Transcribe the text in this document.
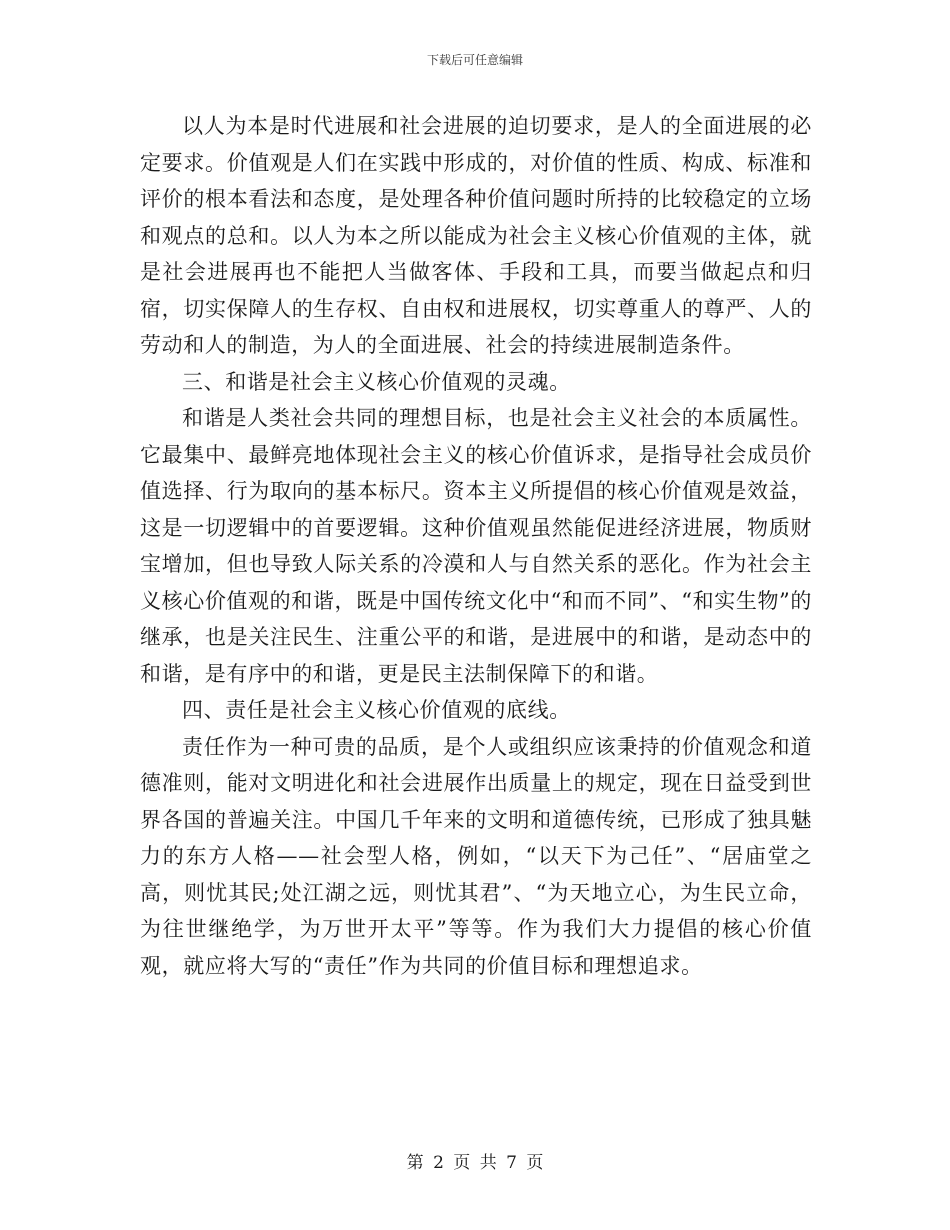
下载后可任意编辑

以人为本是时代进展和社会进展的迫切要求，是人的全面进展的必定要求。价值观是人们在实践中形成的，对价值的性质、构成、标准和评价的根本看法和态度，是处理各种价值问题时所持的比较稳定的立场和观点的总和。以人为本之所以能成为社会主义核心价值观的主体，就是社会进展再也不能把人当做客体、手段和工具，而要当做起点和归宿，切实保障人的生存权、自由权和进展权，切实尊重人的尊严、人的劳动和人的制造，为人的全面进展、社会的持续进展制造条件。

三、和谐是社会主义核心价值观的灵魂。

和谐是人类社会共同的理想目标，也是社会主义社会的本质属性。它最集中、最鲜亮地体现社会主义的核心价值诉求，是指导社会成员价值选择、行为取向的基本标尺。资本主义所提倡的核心价值观是效益，这是一切逻辑中的首要逻辑。这种价值观虽然能促进经济进展，物质财宝增加，但也导致人际关系的冷漠和人与自然关系的恶化。作为社会主义核心价值观的和谐，既是中国传统文化中“和而不同”、“和实生物”的继承，也是关注民生、注重公平的和谐，是进展中的和谐，是动态中的和谐，是有序中的和谐，更是民主法制保障下的和谐。

四、责任是社会主义核心价值观的底线。

责任作为一种可贵的品质，是个人或组织应该秉持的价值观念和道德准则，能对文明进化和社会进展作出质量上的规定，现在日益受到世界各国的普遍关注。中国几千年来的文明和道德传统，已形成了独具魅力的东方人格——社会型人格，例如，“以天下为己任”、“居庙堂之高，则忧其民;处江湖之远，则忧其君”、“为天地立心，为生民立命，为往世继绝学，为万世开太平”等等。作为我们大力提倡的核心价值观，就应将大写的“责任”作为共同的价值目标和理想追求。

第 2 页 共 7 页
